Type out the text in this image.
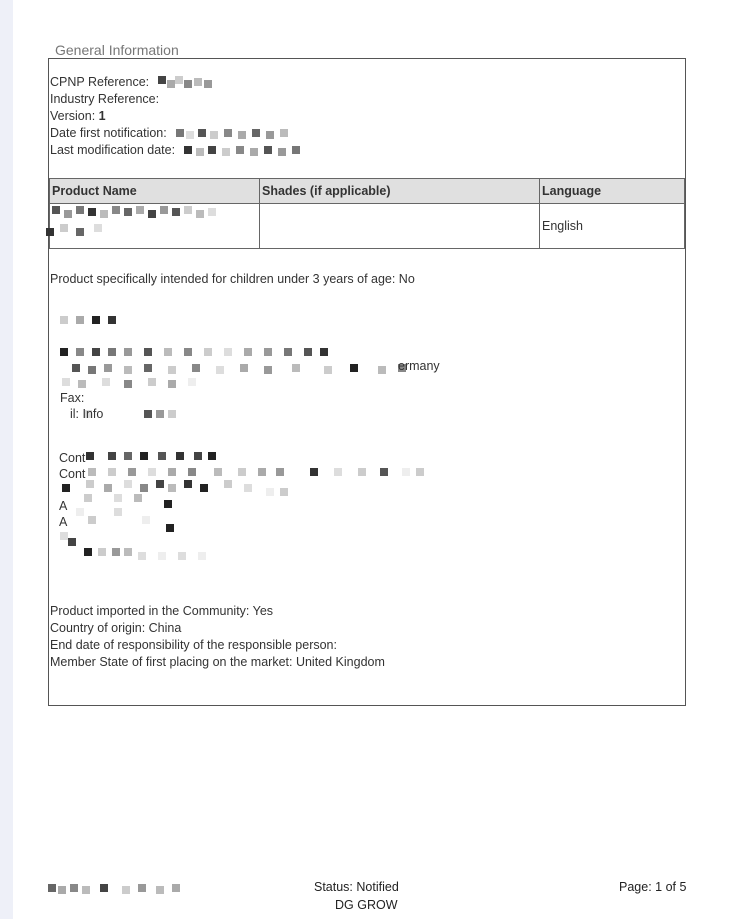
General Information
CPNP Reference:
Industry Reference:
Version: 1
Date first notification:
Last modification date:
Product Name	Shades (if applicable)	Language
		English
Product specifically intended for children under 3 years of age: No
ermany
Fax:
il: Info
Cont
Cont
A
A
Product imported in the Community: Yes
Country of origin: China
End date of responsibility of the responsible person:
Member State of first placing on the market: United Kingdom
Status: Notified
DG GROW
Page: 1 of 5
